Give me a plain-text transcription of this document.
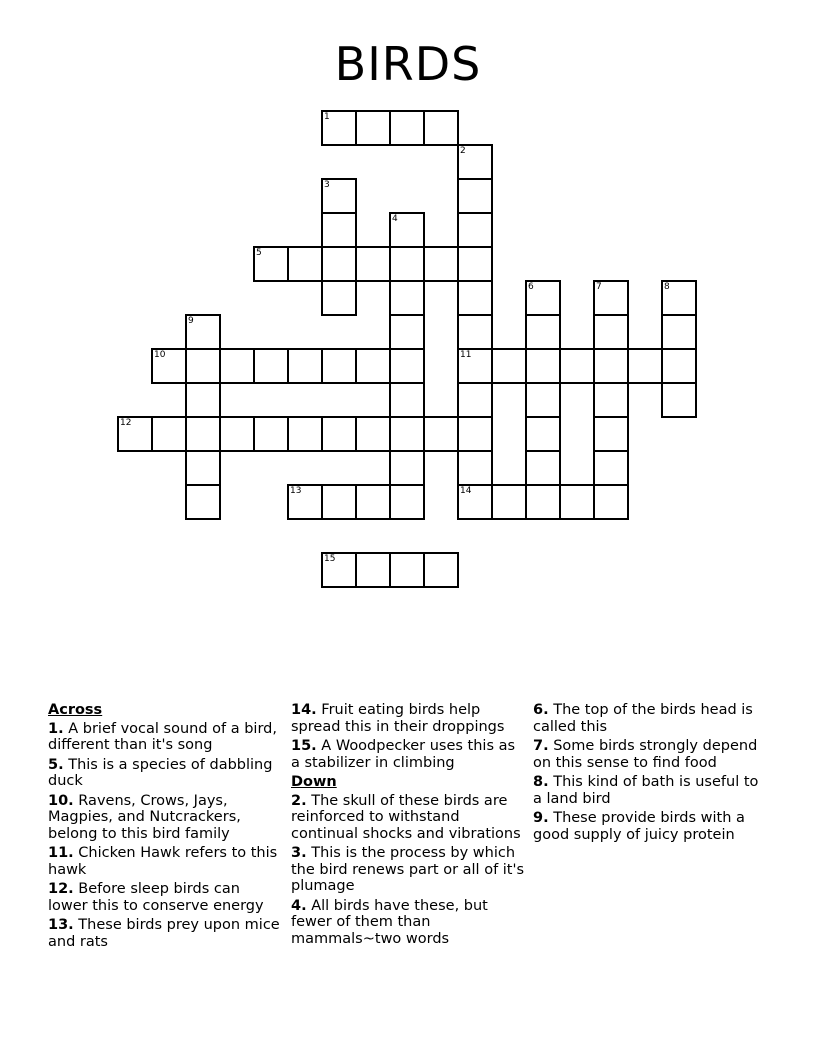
BIRDS
1
2
11
3
4
5
6	7	8
9
10
12
13	14
15
Across
1. A brief vocal sound of a bird, different than it's song
5. This is a species of dabbling duck
10. Ravens, Crows, Jays, Magpies, and Nutcrackers, belong to this bird family
11. Chicken Hawk refers to this hawk
12. Before sleep birds can lower this to conserve energy
13. These birds prey upon mice and rats
14. Fruit eating birds help spread this in their droppings
15. A Woodpecker uses this as a stabilizer in climbing
Down
2. The skull of these birds are reinforced to withstand continual shocks and vibrations
3. This is the process by which the bird renews part or all of it's plumage
4. All birds have these, but fewer of them than mammals~two words
6. The top of the birds head is called this
7. Some birds strongly depend on this sense to find food
8. This kind of bath is useful to a land bird
9. These provide birds with a good supply of juicy protein
